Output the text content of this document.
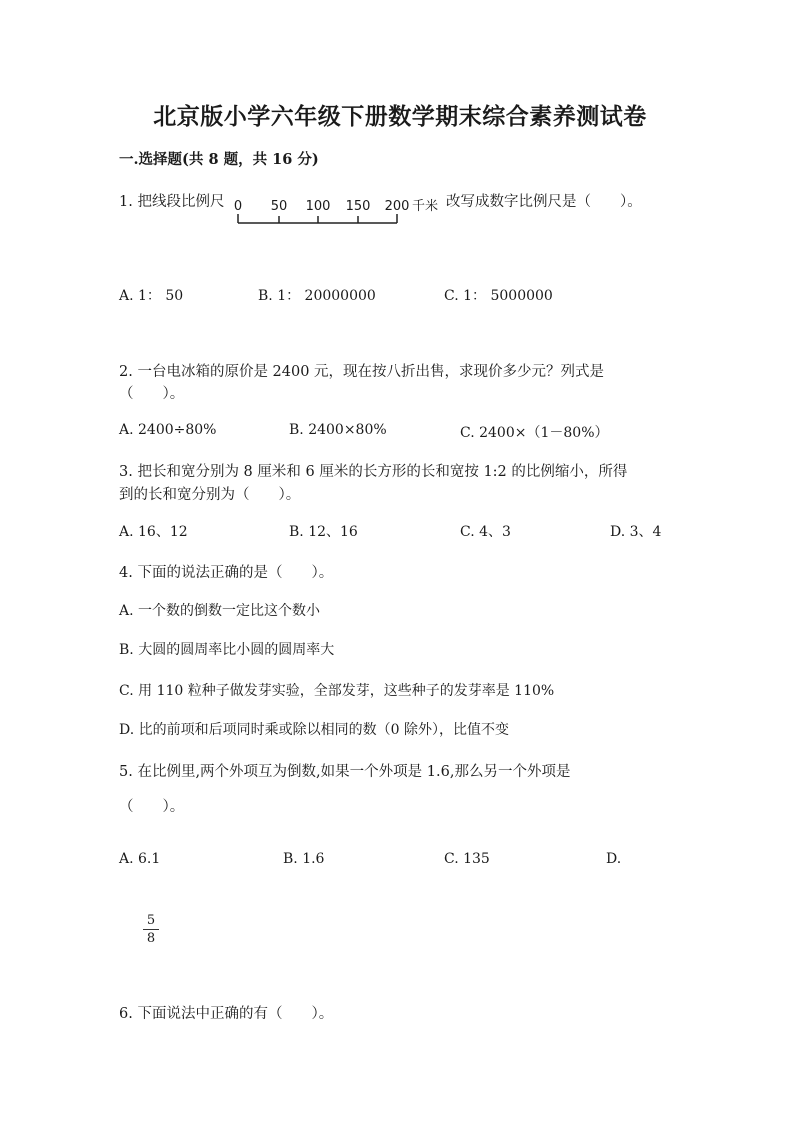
北京版小学六年级下册数学期末综合素养测试卷
一.选择题(共 8 题，共 16 分)
1. 把线段比例尺 0 50 100 150 200 千米 改写成数字比例尺是（　　）。
A. 1： 50	B. 1： 20000000	C. 1： 5000000
2. 一台电冰箱的原价是 2400 元，现在按八折出售，求现价多少元？列式是
（　　）。
A. 2400÷80%	B. 2400×80%	C. 2400×（1－80%）
3. 把长和宽分别为 8 厘米和 6 厘米的长方形的长和宽按 1:2 的比例缩小，所得
到的长和宽分别为（　　）。
A. 16、12	B. 12、16	C. 4、3	D. 3、4
4. 下面的说法正确的是（　　）。
A. 一个数的倒数一定比这个数小
B. 大圆的圆周率比小圆的圆周率大
C. 用 110 粒种子做发芽实验，全部发芽，这些种子的发芽率是 110%
D. 比的前项和后项同时乘或除以相同的数（0 除外），比值不变
5. 在比例里,两个外项互为倒数,如果一个外项是 1.6,那么另一个外项是
（　　）。
A. 6.1	B. 1.6	C. 135	D.
5
8
6. 下面说法中正确的有（　　）。
